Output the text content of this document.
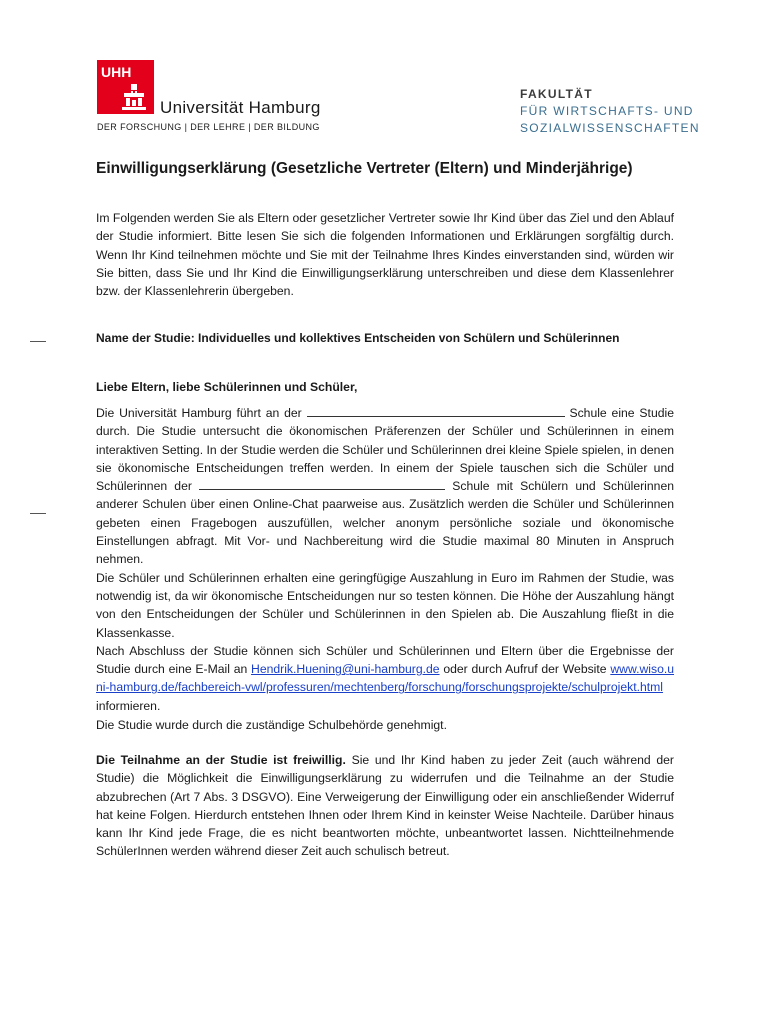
UHH
Universität Hamburg
DER FORSCHUNG | DER LEHRE | DER BILDUNG
FAKULTÄT
FÜR WIRTSCHAFTS- UND
SOZIALWISSENSCHAFTEN
Einwilligungserklärung (Gesetzliche Vertreter (Eltern) und Minderjährige)

Im Folgenden werden Sie als Eltern oder gesetzlicher Vertreter sowie Ihr Kind über das Ziel und den Ablauf der Studie informiert. Bitte lesen Sie sich die folgenden Informationen und Erklärungen sorgfältig durch. Wenn Ihr Kind teilnehmen möchte und Sie mit der Teilnahme Ihres Kindes einverstanden sind, würden wir Sie bitten, dass Sie und Ihr Kind die Einwilligungserklärung unterschreiben und diese dem Klassenlehrer bzw. der Klassenlehrerin übergeben.

Name der Studie: Individuelles und kollektives Entscheiden von Schülern und Schülerinnen
Liebe Eltern, liebe Schülerinnen und Schüler,

Die Universität Hamburg führt an der	Schule eine Studie durch. Die Studie untersucht die ökonomischen Präferenzen der Schüler und Schülerinnen in einem interaktiven Setting. In der Studie werden die Schüler und Schülerinnen drei kleine Spiele spielen, in denen sie ökonomische Entscheidungen treffen werden. In einem der Spiele tauschen sich die Schüler und Schülerinnen der	Schule mit Schülern und Schülerinnen anderer Schulen über einen Online-Chat paarweise aus. Zusätzlich werden die Schüler und Schülerinnen gebeten einen Fragebogen auszufüllen, welcher anonym persönliche soziale und ökonomische Einstellungen abfragt. Mit Vor- und Nachbereitung wird die Studie maximal 80 Minuten in Anspruch nehmen.

Die Schüler und Schülerinnen erhalten eine geringfügige Auszahlung in Euro im Rahmen der Studie, was notwendig ist, da wir ökonomische Entscheidungen nur so testen können. Die Höhe der Auszahlung hängt von den Entscheidungen der Schüler und Schülerinnen in den Spielen ab. Die Auszahlung fließt in die Klassenkasse.

Nach Abschluss der Studie können sich Schüler und Schülerinnen und Eltern über die Ergebnisse der Studie durch eine E-Mail an Hendrik.Huening@uni-hamburg.de oder durch Aufruf der Website www.wiso.uni-hamburg.de/fachbereich-vwl/professuren/mechtenberg/forschung/forschungsprojekte/schulprojekt.html informieren.

Die Studie wurde durch die zuständige Schulbehörde genehmigt.

Die Teilnahme an der Studie ist freiwillig. Sie und Ihr Kind haben zu jeder Zeit (auch während der Studie) die Möglichkeit die Einwilligungserklärung zu widerrufen und die Teilnahme an der Studie abzubrechen (Art 7 Abs. 3 DSGVO). Eine Verweigerung der Einwilligung oder ein anschließender Widerruf hat keine Folgen. Hierdurch entstehen Ihnen oder Ihrem Kind in keinster Weise Nachteile. Darüber hinaus kann Ihr Kind jede Frage, die es nicht beantworten möchte, unbeantwortet lassen. Nichtteilnehmende SchülerInnen werden während dieser Zeit auch schulisch betreut.
